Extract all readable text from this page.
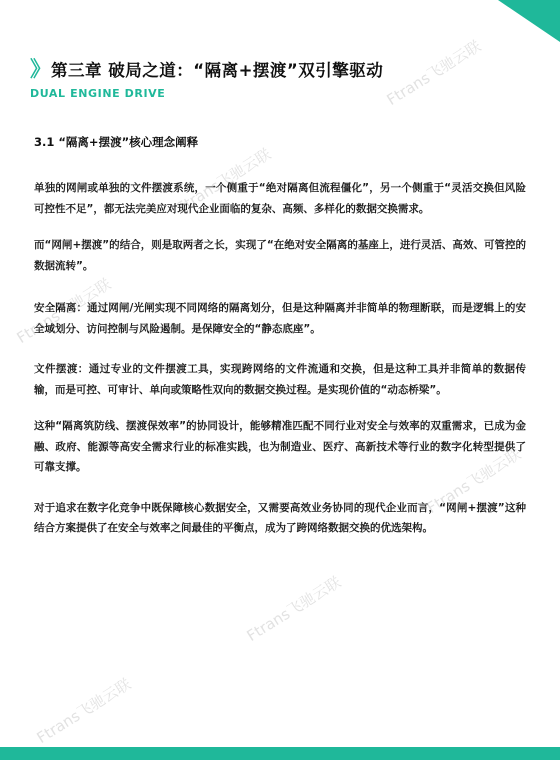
》 第三章 破局之道：“隔离+摆渡”双引擎驱动
DUAL ENGINE DRIVE
3.1 “隔离+摆渡”核心理念阐释

单独的网闸或单独的文件摆渡系统，一个侧重于“绝对隔离但流程僵化”，另一个侧重于“灵活交换但风险可控性不足”，都无法完美应对现代企业面临的复杂、高频、多样化的数据交换需求。

而“网闸+摆渡”的结合，则是取两者之长，实现了“在绝对安全隔离的基座上，进行灵活、高效、可管控的数据流转”。

安全隔离：通过网闸/光闸实现不同网络的隔离划分，但是这种隔离并非简单的物理断联，而是逻辑上的安全域划分、访问控制与风险遏制。是保障安全的“静态底座”。

文件摆渡：通过专业的文件摆渡工具，实现跨网络的文件流通和交换，但是这种工具并非简单的数据传输，而是可控、可审计、单向或策略性双向的数据交换过程。是实现价值的“动态桥梁”。

这种“隔离筑防线、摆渡保效率”的协同设计，能够精准匹配不同行业对安全与效率的双重需求，已成为金融、政府、能源等高安全需求行业的标准实践，也为制造业、医疗、高新技术等行业的数字化转型提供了可靠支撑。

对于追求在数字化竞争中既保障核心数据安全，又需要高效业务协同的现代企业而言，“网闸+摆渡”这种结合方案提供了在安全与效率之间最佳的平衡点，成为了跨网络数据交换的优选架构。

Ftrans飞驰云联
Ftrans飞驰云联
Ftrans飞驰云联
Ftrans飞驰云联
Ftrans飞驰云联
Ftrans飞驰云联
